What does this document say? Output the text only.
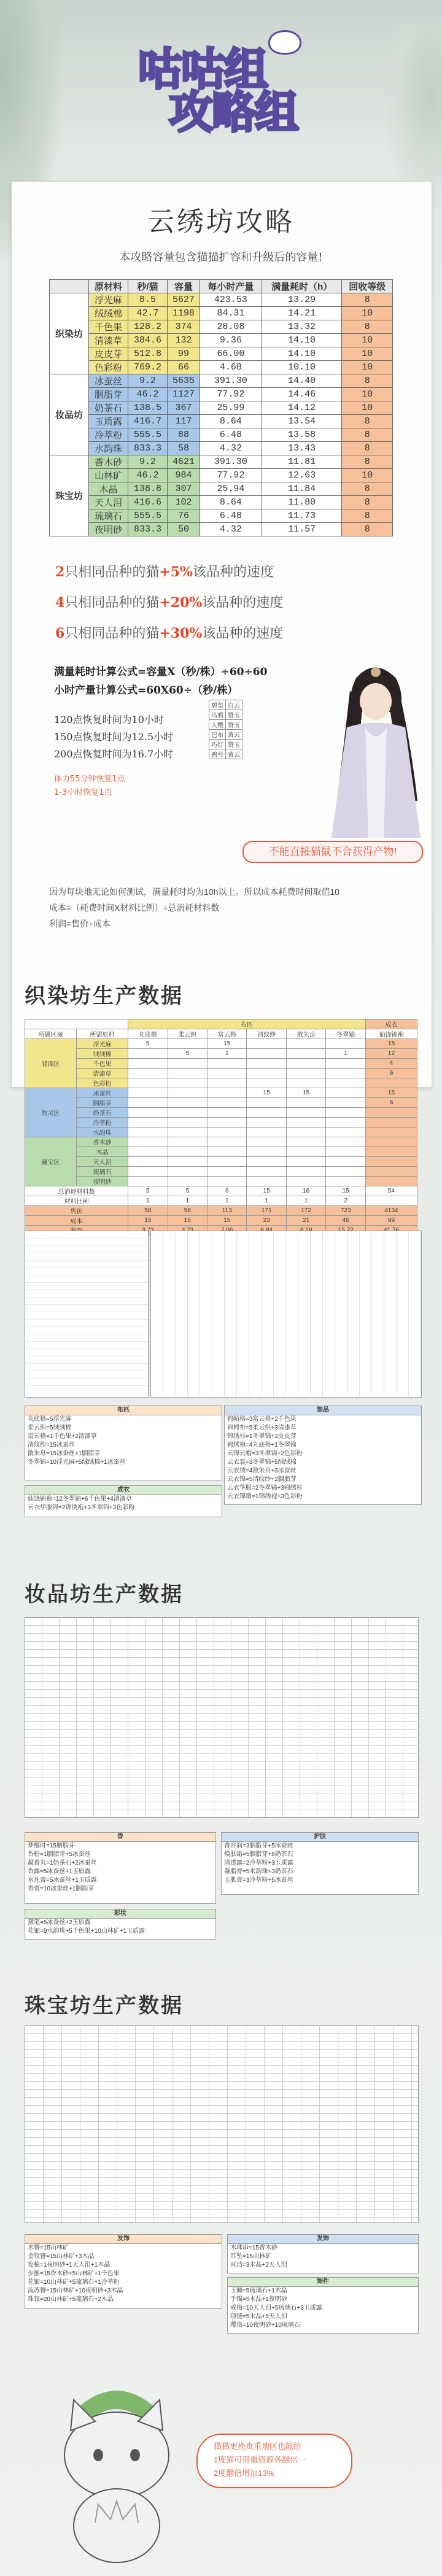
咕咕组
攻略组
云绣坊攻略
本攻略容量包含猫猫扩容和升级后的容量!
	原材料	秒/猫	容量	每小时产量	满量耗时（h）	回收等级
织染坊	浮光麻	8.5	5627	423.53	13.29	8
	绒绒棉	42.7	1198	84.31	14.21	10
	千色果	128.2	374	28.08	13.32	8
	清漆草	384.6	132	9.36	14.10	10
	皮皮芽	512.8	99	66.00	14.10	10
	色彩粉	769.2	66	4.68	10.10	10
妆品坊	冰蚕丝	9.2	5635	391.30	14.40	8
	胭脂芽	46.2	1127	77.92	14.46	10
	奶茶石	138.5	367	25.99	14.12	10
	玉质露	416.7	117	8.64	13.54	8
	冷萃粉	555.5	88	6.48	13.58	8
	水韵珠	833.3	58	4.32	13.43	8
珠宝坊	香木砂	9.2	4621	391.30	11.81	8
	山林矿	46.2	984	77.92	12.63	10
	木晶	138.8	307	25.94	11.84	8
	天人泪	416.6	102	8.64	11.80	8
	琉璃石	555.5	76	6.48	11.73	8
	夜明砂	833.3	50	4.32	11.57	8
2只相同品种的猫+5%该品种的速度
4只相同品种的猫+20%该品种的速度
6只相同品种的猫+30%该品种的速度
满量耗时计算公式=容量X（秒/株）÷60÷60
小时产量计算公式=60X60÷（秒/株）
120点恢复时间为10小时
150点恢复时间为12.5小时
200点恢复时间为16.7小时
体力55分钟恢复1点
1-3小时恢复1点
碧玺	白云
乌鸦	赞玉
入樱	赞玉
巴布	黄云
巧灯	赞玉
鸦兮	黄云
不能直接猫鼠不合获得产物!
因为每块地无论如何测试，满量耗时均为10h以上。所以成本耗费时间取值10
成本=（耗费时间X材料比例）÷总消耗材料数
利润=售价÷成本
织染坊生产数据
		布匹						成衣
所属区域	所需原料	丸底格	柔云织	富云格	清纹纱	散朱帛	冬翠锦	仙饶锦袍
背面区	浮光麻	5		15				15
	绒绒棉		5	1			1	12
	千色果							4
	清漆草							6
	色彩粉							
牧灵区	冰蚕丝				15	15		15
	胭脂芽							6
	奶茶石							
	冷萃粉							
	水韵珠							
藏宝区	香木砂							
	木晶							
	天人泪							
	琉璃石							
	夜明砂							
总消耗材料数		5	5	6	15	16	15	54
材料比例		1	1	1	1	1	2	
售价		58	56	113	171	172	723	4134
成本		15	15	15	23	21	46	99

布匹
丸底格=5浮光麻
柔云织=5绒绒棉
富云格=1千色果+2清漆草
清纹纱=15冰蚕丝
散朱帛=15冰蚕丝+1胭脂芽
冬翠锦=10浮光麻+5绒绒棉+1冰蚕丝
饰品
锦帕格=3富云格+2千色果
锦棉布=5柔云织+3清漆草
锦绣衫=1冬翠锦+2皮皮芽
锦绣袍=4丸底格+1冬翠锦
云锦云帽=3冬翠锦+2色彩粉
云衣裳=3冬翠锦+5绒绒棉
云衣绒=4散朱帛+3冰蚕丝
云衣锦=5清纹纱+2胭脂芽
云衣华服=2冬翠锦+3锦绣衫
云衣锦缎=1锦绣袍+3色彩粉
成衣
仙饶锦袍=12冬翠锦+6千色果+4清漆草
云衣华服锦=2锦绣袍+3冬翠锦+3色彩粉
妆品坊生产数据
香
梦醒时=15胭脂芽
香粉=1胭脂芽+5冰蚕丝
凝香丸=1奶茶石+2冰蚕丝
香露=5冰蚕丝+1玉质露
水凡膏=5冰蚕丝+1玉质露
香膏=10冰蚕丝+1胭脂芽
护肤
香容润=3胭脂芽+5冰蚕丝
焕肤霜=5胭脂芽+6奶茶石
清透露=2冷萃粉+3玉质露
凝脂膏=5水韵珠+3奶茶石
玉肌膏=3冷萃粉+5冰蚕丝
彩妆
黛笔=5冰蚕丝+2玉质露
花钿=9水韵珠+5千色果+10山林矿+1玉质露
珠宝坊生产数据
发饰
木簪=15山林矿
金钗簪=15山林矿+3木晶
发梳=1夜明砂+1天人泪+1木晶
步摇=15香木砂+5山林矿+1千色果
花钿=10山林矿+5琉璃石+1冷萃粉
流苏簪=15山林矿+10夜明砂+3木晶
珠钗=20山林矿+5琉璃石+2木晶
发饰
木珠串=15香木砂
耳坠=15山林矿
耳珰=3木晶+2天人泪
饰件
玉佩=5琉璃石+1木晶
手镯=5木晶+1夜明砂
戒指=10天人泪+5琉璃石+3玉质露
项链=5木晶+5天人泪
璎珞=10夜明砂+10琉璃石
猫猫更换贵重地区也能给
1度猫可贵重资源各翻倍一
2度翻倍增加13%
